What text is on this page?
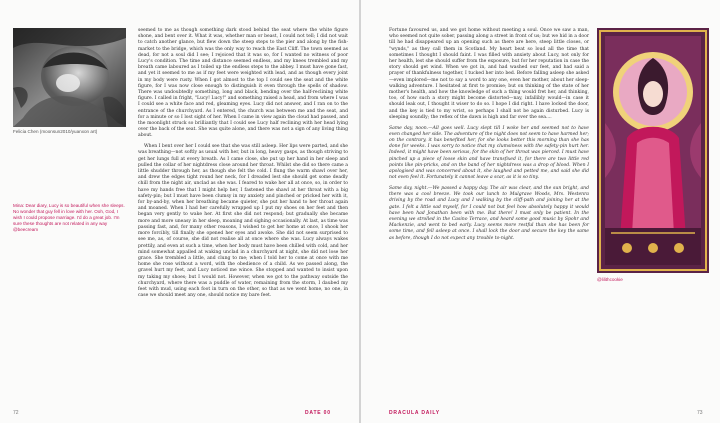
Felicia Chen (moonsun2010/yuanxon art)
Mina: Dear diary, Lucy is so beautiful when she sleeps. No wonder that guy fell in love with her. Ooh, God, I wish I could propose marriage. I'd do a great job. I'm sure these thoughts are not related in any way @beecream

seemed to me as though something dark stood behind the seat where the white figure shone, and bent over it. What it was, whether man or beast, I could not tell; I did not wait to catch another glance, but flew down the steep steps to the pier and along by the fish-market to the bridge, which was the only way to reach the East Cliff. The town seemed as dead, for not a soul did I see; I rejoiced that it was so, for I wanted no witness of poor Lucy's condition. The time and distance seemed endless, and my knees trembled and my breath came laboured as I toiled up the endless steps to the abbey. I must have gone fast, and yet it seemed to me as if my feet were weighted with lead, and as though every joint in my body were rusty. When I got almost to the top I could see the seat and the white figure, for I was now close enough to distinguish it even through the spells of shadow. There was undoubtedly something, long and black, bending over the half-reclining white figure. I called in fright, "Lucy! Lucy!" and something raised a head, and from where I was I could see a white face and red, gleaming eyes. Lucy did not answer, and I ran on to the entrance of the churchyard. As I entered, the church was between me and the seat, and for a minute or so I lost sight of her. When I came in view again the cloud had passed, and the moonlight struck so brilliantly that I could see Lucy half reclining with her head lying over the back of the seat. She was quite alone, and there was not a sign of any living thing about.

When I bent over her I could see that she was still asleep. Her lips were parted, and she was breathing—not softly as usual with her, but in long, heavy gasps, as though striving to get her lungs full at every breath. As I came close, she put up her hand in her sleep and pulled the collar of her nightdress close around her throat. Whilst she did so there came a little shudder through her, as though she felt the cold. I flung the warm shawl over her, and drew the edges tight round her neck, for I dreaded lest she should get some deadly chill from the night air, unclad as she was. I feared to wake her all at once, so, in order to have my hands free that I might help her, I fastened the shawl at her throat with a big safety-pin; but I must have been clumsy in my anxiety and pinched or pricked her with it, for by-and-by, when her breathing became quieter, she put her hand to her throat again and moaned. When I had her carefully wrapped up I put my shoes on her feet and then began very gently to wake her. At first she did not respond; but gradually she became more and more uneasy in her sleep, moaning and sighing occasionally. At last, as time was passing fast, and, for many other reasons, I wished to get her home at once, I shook her more forcibly, till finally she opened her eyes and awoke. She did not seem surprised to see me, as, of course, she did not realise all at once where she was. Lucy always wakes prettily, and even at such a time, when her body must have been chilled with cold, and her mind somewhat appalled at waking unclad in a churchyard at night, she did not lose her grace. She trembled a little, and clung to me; when I told her to come at once with me home she rose without a word, with the obedience of a child. As we passed along, the gravel hurt my feet, and Lucy noticed me wince. She stopped and wanted to insist upon my taking my shoes; but I would not. However, when we got to the pathway outside the churchyard, where there was a puddle of water, remaining from the storm, I daubed my feet with mud, using each foot in turn on the other, so that as we went home, no one, in case we should meet any one, should notice my bare feet.

72	DATE 00

Fortune favoured us, and we got home without meeting a soul. Once we saw a man, who seemed not quite sober, passing along a street in front of us; but we hid in a door till he had disappeared up an opening such as there are here, steep little closes, or "wynds," as they call them in Scotland. My heart beat so loud all the time that sometimes I thought I should faint. I was filled with anxiety about Lucy, not only for her health, lest she should suffer from the exposure, but for her reputation in case the story should get wind. When we got in, and had washed our feet, and had said a prayer of thankfulness together, I tucked her into bed. Before falling asleep she asked—even implored—me not to say a word to any one, even her mother, about her sleep-walking adventure. I hesitated at first to promise; but on thinking of the state of her mother's health, and how the knowledge of such a thing would fret her, and thinking, too, of how such a story might become distorted—nay, infallibly would—in case it should leak out, I thought it wiser to do so. I hope I did right. I have locked the door, and the key is tied to my wrist, so perhaps I shall not be again disturbed. Lucy is sleeping soundly; the reflex of the dawn is high and far over the sea....

Same day, noon.—All goes well. Lucy slept till I woke her and seemed not to have even changed her side. The adventure of the night does not seem to have harmed her; on the contrary, it has benefited her, for she looks better this morning than she has done for weeks. I was sorry to notice that my clumsiness with the safety-pin hurt her. Indeed, it might have been serious, for the skin of her throat was pierced. I must have pinched up a piece of loose skin and have transfixed it, for there are two little red points like pin-pricks, and on the band of her nightdress was a drop of blood. When I apologised and was concerned about it, she laughed and petted me, and said she did not even feel it. Fortunately it cannot leave a scar, as it is so tiny.

Same day, night.—We passed a happy day. The air was clear, and the sun bright, and there was a cool breeze. We took our lunch to Mulgrave Woods, Mrs. Westenra driving by the road and Lucy and I walking by the cliff-path and joining her at the gate. I felt a little sad myself, for I could not but feel how absolutely happy it would have been had Jonathan been with me. But there! I must only be patient. In the evening we strolled in the Casino Terrace, and heard some good music by Spohr and Mackenzie, and went to bed early. Lucy seems more restful than she has been for some time, and fell asleep at once. I shall lock the door and secure the key the same as before, though I do not expect any trouble to-night.

@lilithcookie
DRACULA DAILY	73
